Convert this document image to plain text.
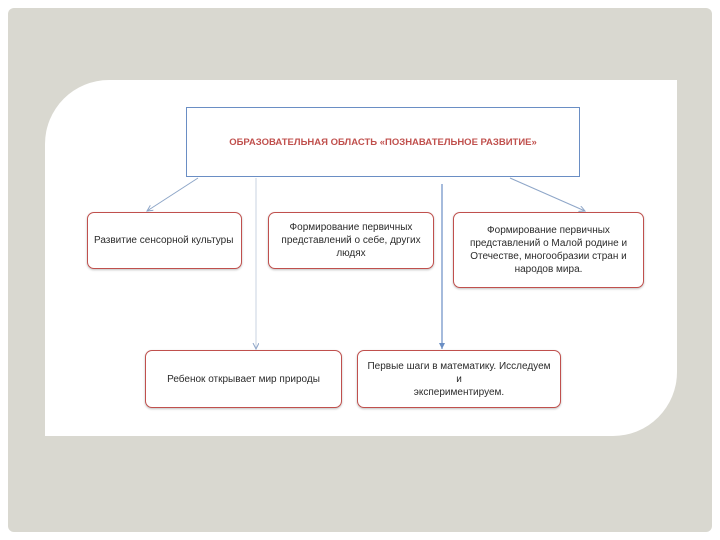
ОБРАЗОВАТЕЛЬНАЯ ОБЛАСТЬ «ПОЗНАВАТЕЛЬНОЕ РАЗВИТИЕ»
Развитие сенсорной культуры
Формирование первичных
представлений о себе, других
людях
Формирование первичных
представлений о Малой родине и
Отечестве, многообразии стран и
народов мира.
Ребенок открывает мир природы
Первые шаги в математику. Исследуем и
экспериментируем.
